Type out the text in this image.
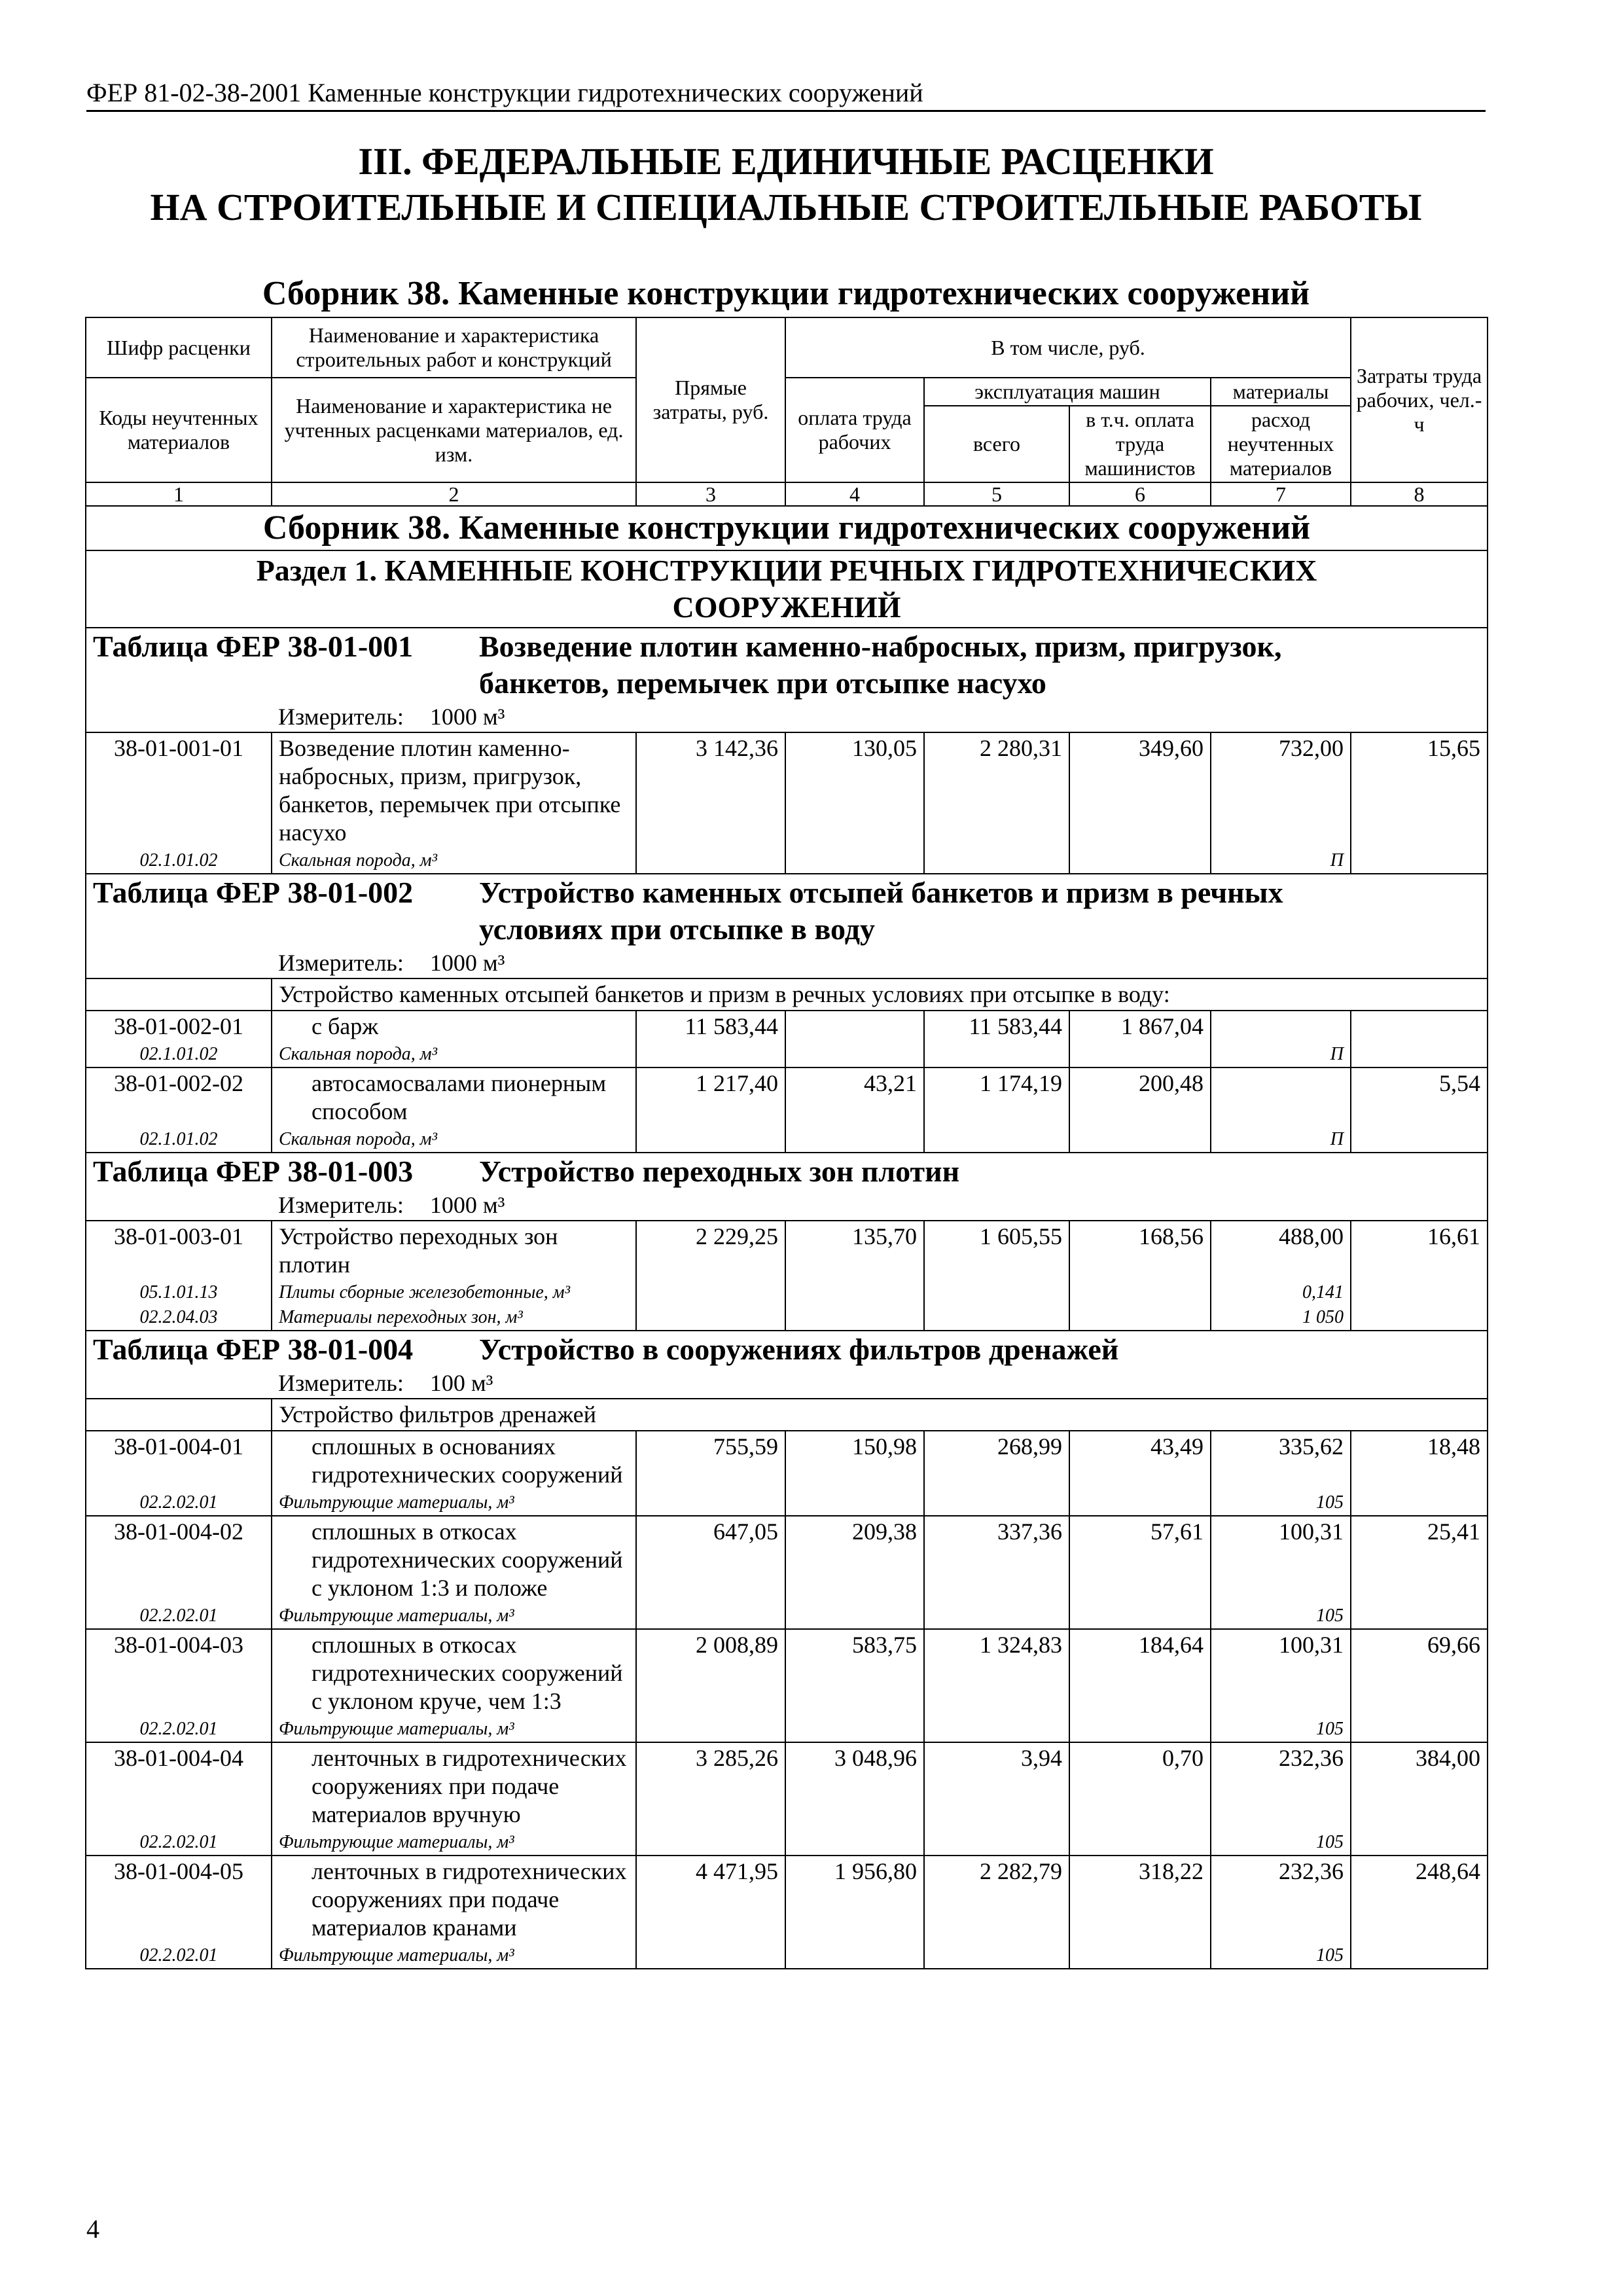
ФЕР 81-02-38-2001 Каменные конструкции гидротехнических сооружений
III. ФЕДЕРАЛЬНЫЕ ЕДИНИЧНЫЕ РАСЦЕНКИ
НА СТРОИТЕЛЬНЫЕ И СПЕЦИАЛЬНЫЕ СТРОИТЕЛЬНЫЕ РАБОТЫ
Сборник 38. Каменные конструкции гидротехнических сооружений
Шифр расценки	Наименование и характеристика строительных работ и конструкций	Прямые затраты, руб.	В том числе, руб.				Затраты труда рабочих, чел.-ч

Коды неучтенных материалов	Наименование и характеристика не учтенных расценками материалов, ед. изм.		оплата труда рабочих	эксплуатация машин		материалы	
				всего	в т.ч. оплата труда машинистов	расход неучтенных материалов	
1	2	3	4	5	6	7	8
Сборник 38. Каменные конструкции гидротехнических сооружений							

Раздел 1. КАМЕННЫЕ КОНСТРУКЦИИ РЕЧНЫХ ГИДРОТЕХНИЧЕСКИХ
СООРУЖЕНИЙ							

Таблица ФЕР 38-01-001 Возведение плотин каменно-набросных, призм, пригрузок, банкетов, перемычек при отсыпке насухо							
Измеритель: 1000 м³							
38-01-001-01	Возведение плотин каменно-набросных, призм, пригрузок, банкетов, перемычек при отсыпке насухо	3 142,36	130,05	2 280,31	349,60	732,00	15,65
02.1.01.02	Скальная порода, м³					П	
Таблица ФЕР 38-01-002 Устройство каменных отсыпей банкетов и призм в речных условиях при отсыпке в воду							
Измеритель: 1000 м³							
	Устройство каменных отсыпей банкетов и призм в речных условиях при отсыпке в воду:						
38-01-002-01	с барж	11 583,44		11 583,44	1 867,04		
02.1.01.02	Скальная порода, м³					П	
38-01-002-02	автосамосвалами пионерным способом	1 217,40	43,21	1 174,19	200,48		5,54
02.1.01.02	Скальная порода, м³					П	
Таблица ФЕР 38-01-003 Устройство переходных зон плотин							
Измеритель: 1000 м³							
38-01-003-01	Устройство переходных зон плотин	2 229,25	135,70	1 605,55	168,56	488,00	16,61
05.1.01.13	Плиты сборные железобетонные, м³					0,141	
02.2.04.03	Материалы переходных зон, м³					1 050	
Таблица ФЕР 38-01-004 Устройство в сооружениях фильтров дренажей							
Измеритель: 100 м³							
	Устройство фильтров дренажей						
38-01-004-01	сплошных в основаниях гидротехнических сооружений	755,59	150,98	268,99	43,49	335,62	18,48
02.2.02.01	Фильтрующие материалы, м³					105	
38-01-004-02	сплошных в откосах гидротехнических сооружений с уклоном 1:3 и положе	647,05	209,38	337,36	57,61	100,31	25,41
02.2.02.01	Фильтрующие материалы, м³					105	
38-01-004-03	сплошных в откосах гидротехнических сооружений с уклоном круче, чем 1:3	2 008,89	583,75	1 324,83	184,64	100,31	69,66
02.2.02.01	Фильтрующие материалы, м³					105	
38-01-004-04	ленточных в гидротехнических сооружениях при подаче материалов вручную	3 285,26	3 048,96	3,94	0,70	232,36	384,00
02.2.02.01	Фильтрующие материалы, м³					105	
38-01-004-05	ленточных в гидротехнических сооружениях при подаче материалов кранами	4 471,95	1 956,80	2 282,79	318,22	232,36	248,64
02.2.02.01	Фильтрующие материалы, м³					105	
4
